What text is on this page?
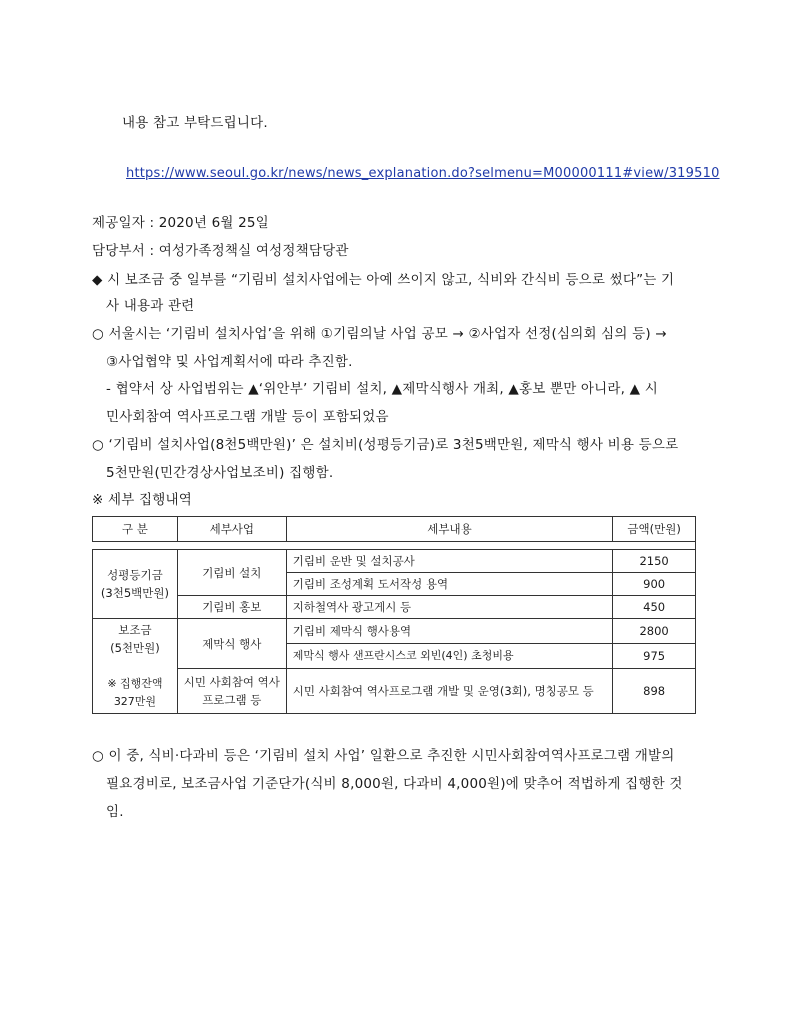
내용 참고 부탁드립니다.
https://www.seoul.go.kr/news/news_explanation.do?selmenu=M00000111#view/319510
제공일자 : 2020년 6월 25일
담당부서 : 여성가족정책실 여성정책담당관
◆ 시 보조금 중 일부를 “기림비 설치사업에는 아예 쓰이지 않고, 식비와 간식비 등으로 썼다”는 기
사 내용과 관련
○ 서울시는 ‘기림비 설치사업’을 위해 ①기림의날 사업 공모 → ②사업자 선정(심의회 심의 등) →
③사업협약 및 사업계획서에 따라 추진함.
- 협약서 상 사업범위는 ▲‘위안부’ 기림비 설치, ▲제막식행사 개최, ▲홍보 뿐만 아니라, ▲ 시
민사회참여 역사프로그램 개발 등이 포함되었음
○ ‘기림비 설치사업(8천5백만원)’ 은 설치비(성평등기금)로 3천5백만원, 제막식 행사 비용 등으로
5천만원(민간경상사업보조비) 집행함.
※ 세부 집행내역
구 분	세부사업	세부내용	금액(만원)

성평등기금
(3천5백만원)	기림비 설치	기림비 운반 및 설치공사	2150
		기림비 조성계획 도서작성 용역	900
	기림비 홍보	지하철역사 광고게시 등	450

보조금
(5천만원)
※ 집행잔액
327만원	제막식 행사	기림비 제막식 행사용역	2800
		제막식 행사 샌프란시스코 외빈(4인) 초청비용	975

	시민 사회참여 역사
프로그램 등	시민 사회참여 역사프로그램 개발 및 운영(3회), 명칭공모 등	898
○ 이 중, 식비·다과비 등은 ‘기림비 설치 사업’ 일환으로 추진한 시민사회참여역사프로그램 개발의
필요경비로, 보조금사업 기준단가(식비 8,000원, 다과비 4,000원)에 맞추어 적법하게 집행한 것
임.
